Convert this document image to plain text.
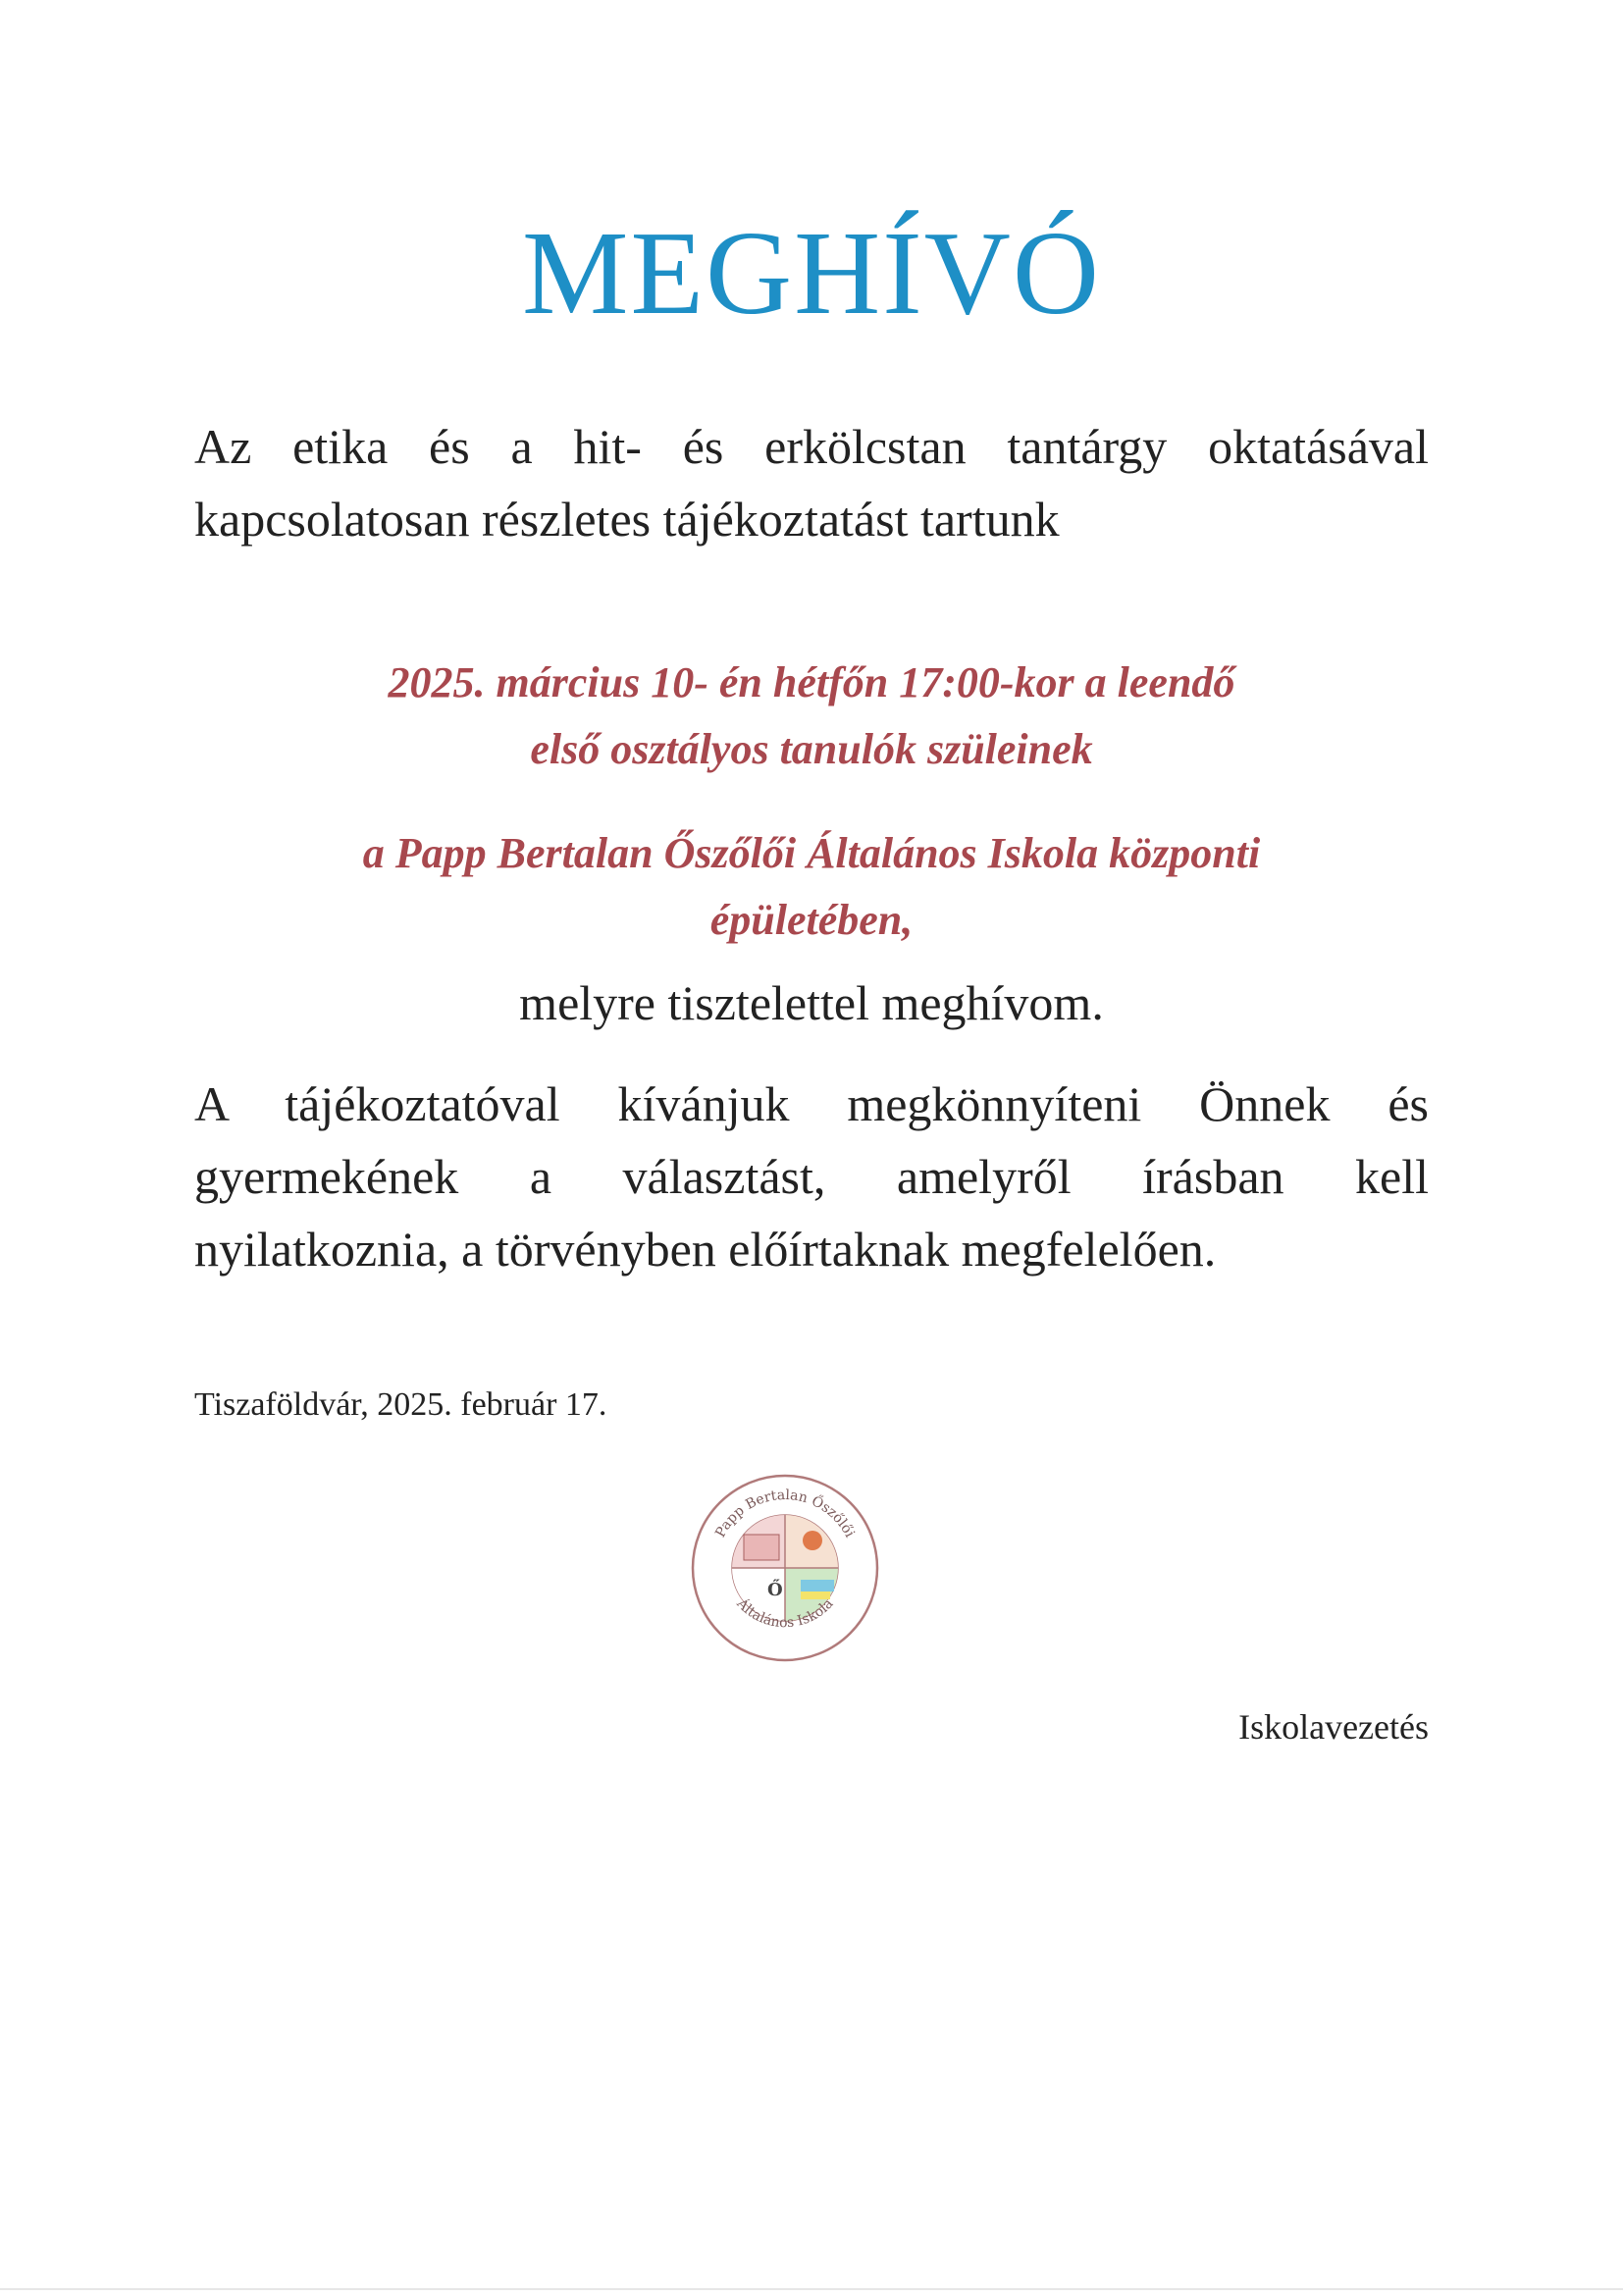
MEGHÍVÓ
Az etika és a hit- és erkölcstan tantárgy oktatásával
kapcsolatosan részletes tájékoztatást tartunk
2025. március 10- én hétfőn 17:00-kor a leendő
első osztályos tanulók szüleinek
a Papp Bertalan Őszőlői Általános Iskola központi
épületében,
melyre tisztelettel meghívom.
A tájékoztatóval kívánjuk megkönnyíteni Önnek és
gyermekének a választást, amelyről írásban kell
nyilatkoznia, a törvényben előírtaknak megfelelően.
Tiszaföldvár, 2025. február 17.
Ő
Papp Bertalan Őszőlői
Általános Iskola
Iskolavezetés
